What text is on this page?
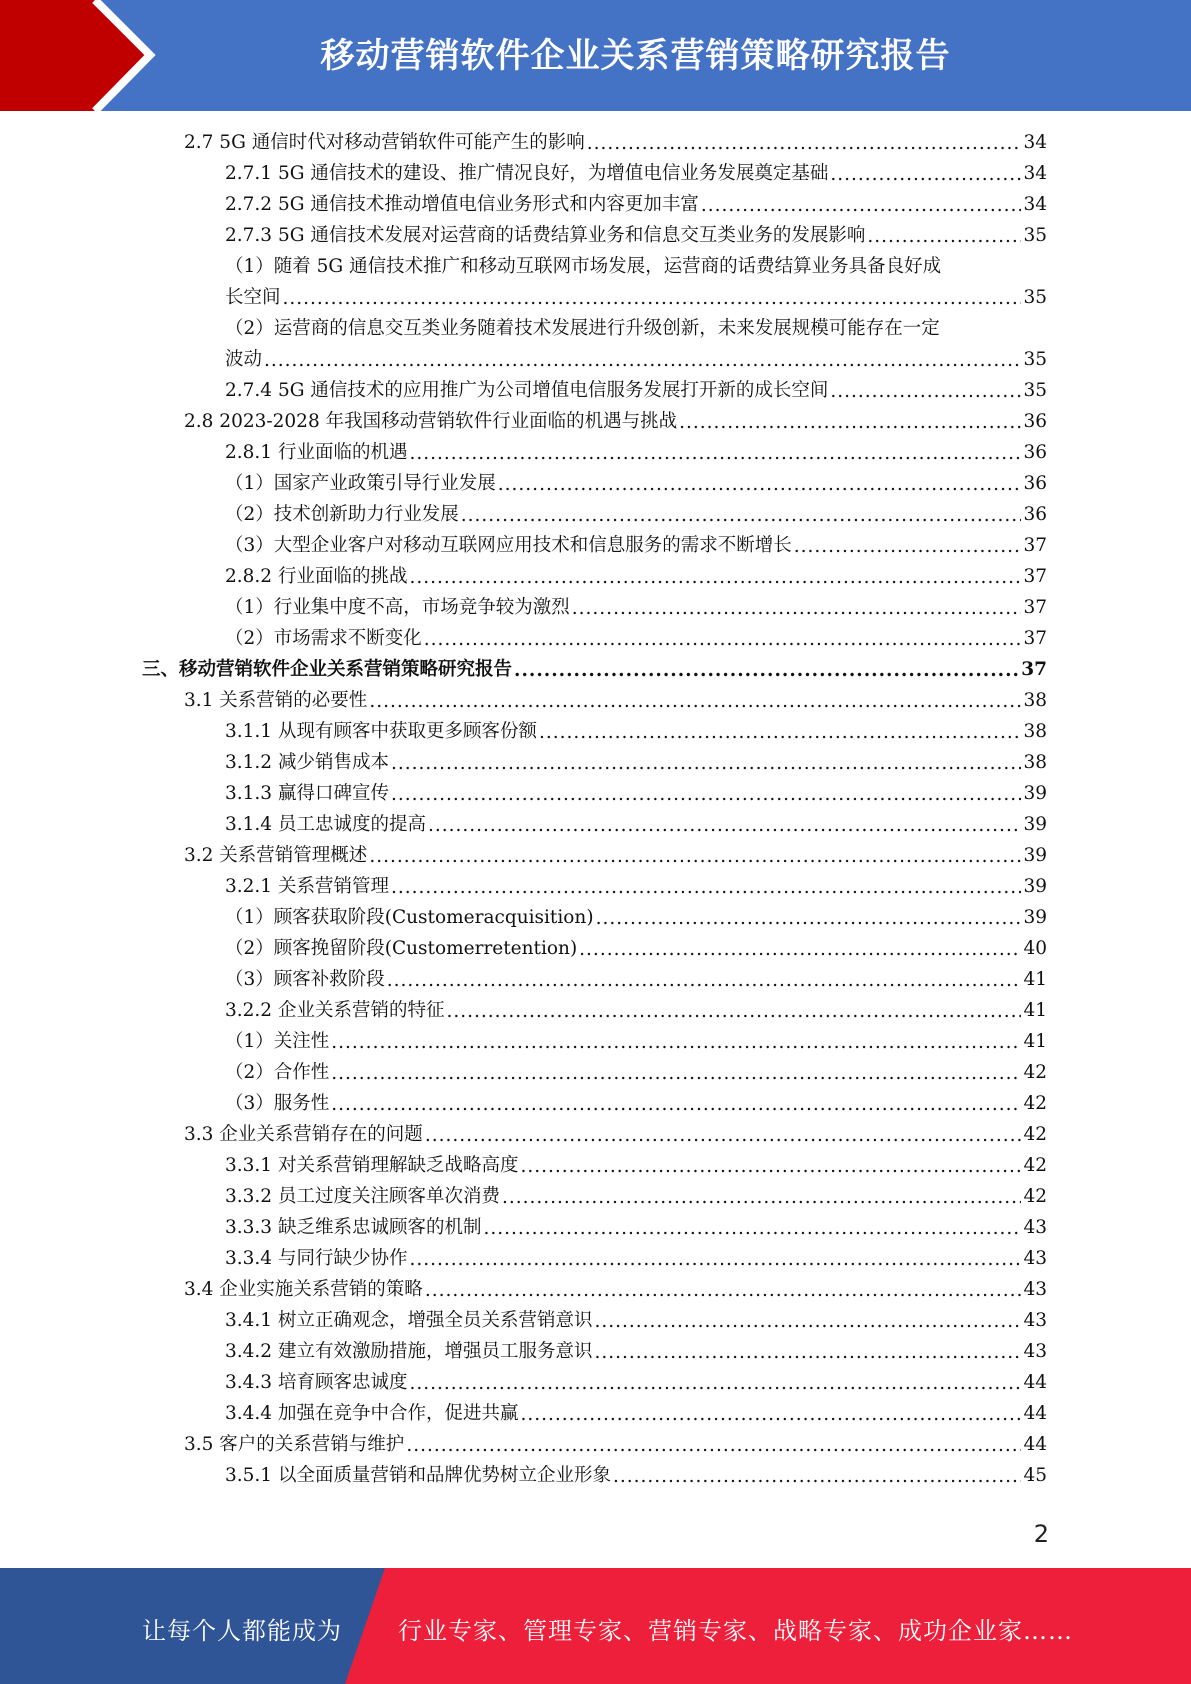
移动营销软件企业关系营销策略研究报告
2.7 5G 通信时代对移动营销软件可能产生的影响 .....	34
2.7.1 5G 通信技术的建设、推广情况良好，为增值电信业务发展奠定基础 .....	34
2.7.2 5G 通信技术推动增值电信业务形式和内容更加丰富 .....	34
2.7.3 5G 通信技术发展对运营商的话费结算业务和信息交互类业务的发展影响 .....	35
（1）随着 5G 通信技术推广和移动互联网市场发展，运营商的话费结算业务具备良好成
长空间 .....	35
（2）运营商的信息交互类业务随着技术发展进行升级创新，未来发展规模可能存在一定
波动 .....	35
2.7.4 5G 通信技术的应用推广为公司增值电信服务发展打开新的成长空间 .....	35
2.8 2023-2028 年我国移动营销软件行业面临的机遇与挑战 .....	36
2.8.1 行业面临的机遇 .....	36
（1）国家产业政策引导行业发展 .....	36
（2）技术创新助力行业发展 .....	36
（3）大型企业客户对移动互联网应用技术和信息服务的需求不断增长 .....	37
2.8.2 行业面临的挑战 .....	37
（1）行业集中度不高，市场竞争较为激烈 .....	37
（2）市场需求不断变化 .....	37
三、移动营销软件企业关系营销策略研究报告 .....	37
3.1 关系营销的必要性 .....	38
3.1.1 从现有顾客中获取更多顾客份额 .....	38
3.1.2 减少销售成本 .....	38
3.1.3 赢得口碑宣传 .....	39
3.1.4 员工忠诚度的提高 .....	39
3.2 关系营销管理概述 .....	39
3.2.1 关系营销管理 .....	39
（1）顾客获取阶段(Customeracquisition) .....	39
（2）顾客挽留阶段(Customerretention) .....	40
（3）顾客补救阶段 .....	41
3.2.2 企业关系营销的特征 .....	41
（1）关注性 .....	41
（2）合作性 .....	42
（3）服务性 .....	42
3.3 企业关系营销存在的问题 .....	42
3.3.1 对关系营销理解缺乏战略高度 .....	42
3.3.2 员工过度关注顾客单次消费 .....	42
3.3.3 缺乏维系忠诚顾客的机制 .....	43
3.3.4 与同行缺少协作 .....	43
3.4 企业实施关系营销的策略 .....	43
3.4.1 树立正确观念，增强全员关系营销意识 .....	43
3.4.2 建立有效激励措施，增强员工服务意识 .....	43
3.4.3 培育顾客忠诚度 .....	44
3.4.4 加强在竞争中合作，促进共赢 .....	44
3.5 客户的关系营销与维护 .....	44
3.5.1 以全面质量营销和品牌优势树立企业形象 .....	45
2
让每个人都能成为 行业专家、管理专家、营销专家、战略专家、成功企业家……
